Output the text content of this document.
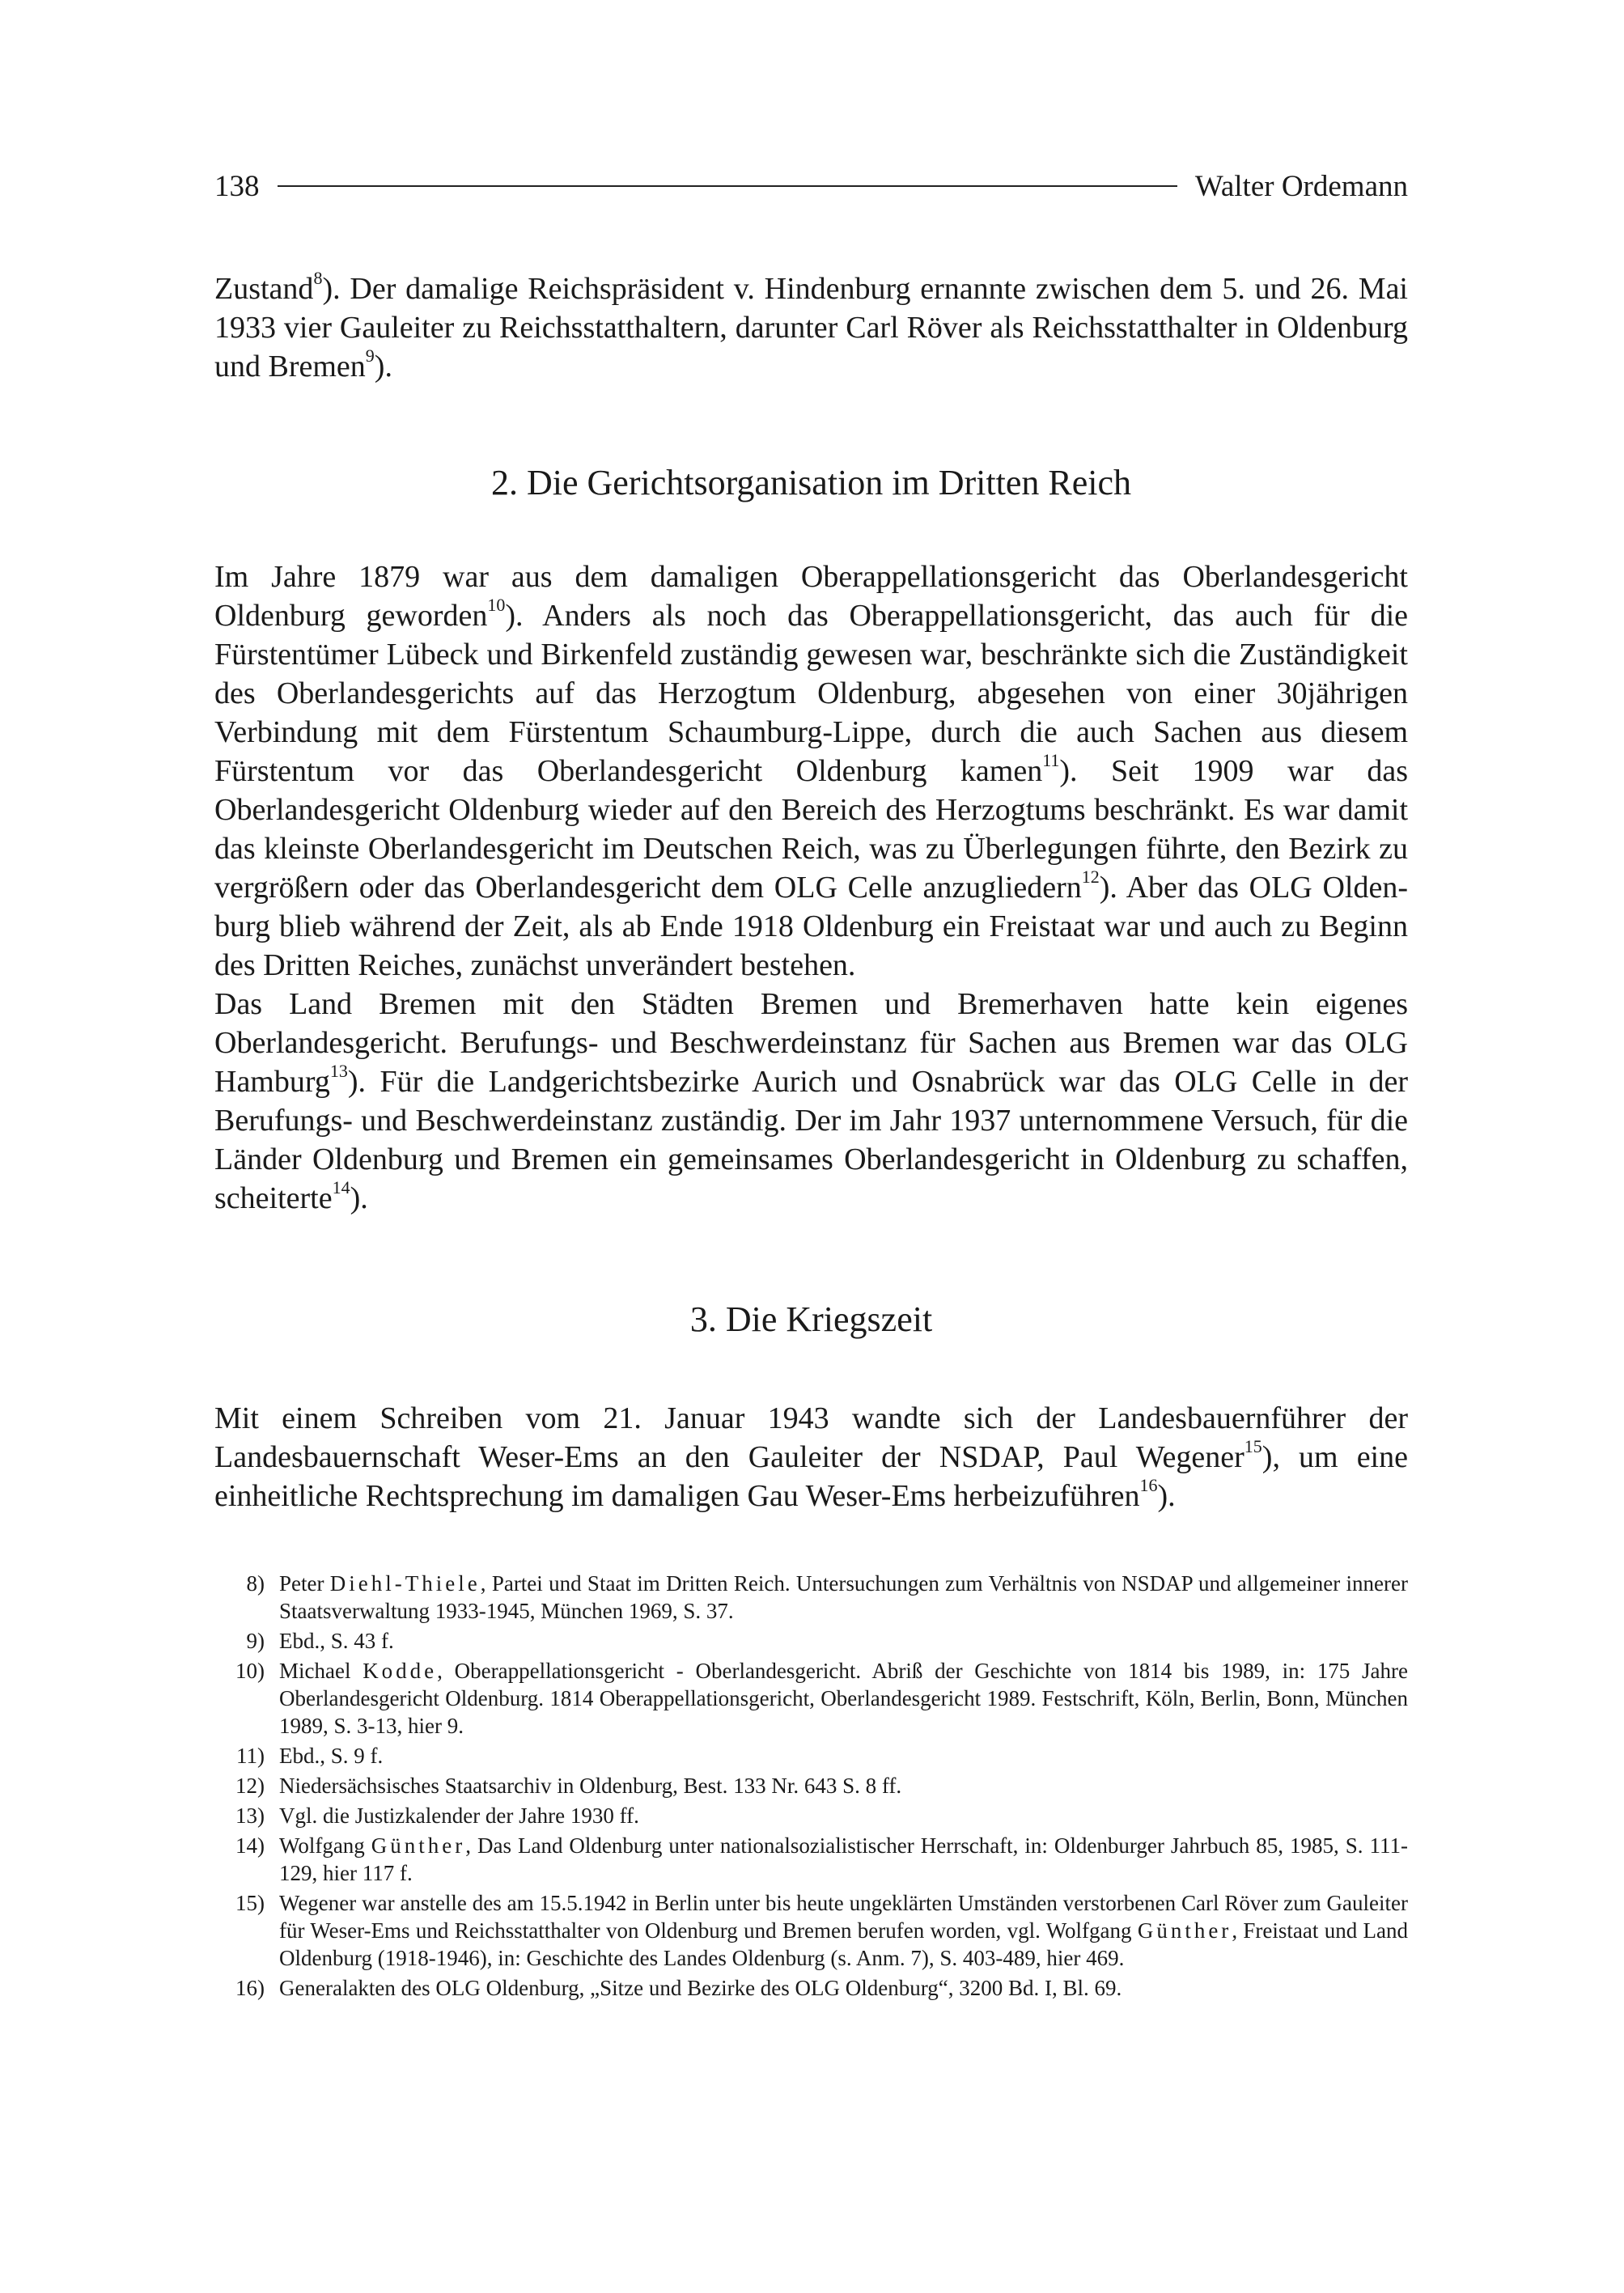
138	Walter Ordemann

Zustand$^8$). Der damalige Reichspräsident v. Hindenburg ernannte zwischen dem 5. und 26. Mai 1933 vier Gauleiter zu Reichsstatthaltern, darunter Carl Röver als Reichsstatthalter in Oldenburg und Bremen$^9$).

2. Die Gerichtsorganisation im Dritten Reich

Im Jahre 1879 war aus dem damaligen Oberappellationsgericht das Oberlandesgericht Oldenburg geworden$^{10}$). Anders als noch das Oberappellationsgericht, das auch für die Fürstentümer Lübeck und Birkenfeld zuständig gewesen war, beschränkte sich die Zuständigkeit des Oberlandesgerichts auf das Herzogtum Oldenburg, abgesehen von einer 30jährigen Verbindung mit dem Fürstentum Schaumburg-Lippe, durch die auch Sachen aus diesem Fürstentum vor das Oberlandesgericht Oldenburg kamen$^{11}$). Seit 1909 war das Oberlandesgericht Oldenburg wieder auf den Bereich des Herzogtums beschränkt. Es war damit das kleinste Oberlandesgericht im Deutschen Reich, was zu Überlegungen führte, den Bezirk zu vergrößern oder das Oberlandesgericht dem OLG Celle anzugliedern$^{12}$). Aber das OLG Oldenburg blieb während der Zeit, als ab Ende 1918 Oldenburg ein Freistaat war und auch zu Beginn des Dritten Reiches, zunächst unverändert bestehen.

Das Land Bremen mit den Städten Bremen und Bremerhaven hatte kein eigenes Oberlandesgericht. Berufungs- und Beschwerdeinstanz für Sachen aus Bremen war das OLG Hamburg$^{13}$). Für die Landgerichtsbezirke Aurich und Osnabrück war das OLG Celle in der Berufungs- und Beschwerdeinstanz zuständig. Der im Jahr 1937 unternommene Versuch, für die Länder Oldenburg und Bremen ein gemeinsames Oberlandesgericht in Oldenburg zu schaffen, scheiterte$^{14}$).

3. Die Kriegszeit

Mit einem Schreiben vom 21. Januar 1943 wandte sich der Landesbauernführer der Landesbauernschaft Weser-Ems an den Gauleiter der NSDAP, Paul Wegener$^{15}$), um eine einheitliche Rechtsprechung im damaligen Gau Weser-Ems herbeizuführen$^{16}$).

8) Peter Diehl-Thiele, Partei und Staat im Dritten Reich. Untersuchungen zum Verhältnis von NSDAP und allgemeiner innerer Staatsverwaltung 1933-1945, München 1969, S. 37.
9) Ebd., S. 43 f.
10) Michael Kodde, Oberappellationsgericht - Oberlandesgericht. Abriß der Geschichte von 1814 bis 1989, in: 175 Jahre Oberlandesgericht Oldenburg. 1814 Oberappellationsgericht, Oberlandesgericht 1989. Festschrift, Köln, Berlin, Bonn, München 1989, S. 3-13, hier 9.
11) Ebd., S. 9 f.
12) Niedersächsisches Staatsarchiv in Oldenburg, Best. 133 Nr. 643 S. 8 ff.
13) Vgl. die Justizkalender der Jahre 1930 ff.
14) Wolfgang Günther, Das Land Oldenburg unter nationalsozialistischer Herrschaft, in: Oldenburger Jahrbuch 85, 1985, S. 111-129, hier 117 f.
15) Wegener war anstelle des am 15.5.1942 in Berlin unter bis heute ungeklärten Umständen verstorbenen Carl Röver zum Gauleiter für Weser-Ems und Reichsstatthalter von Oldenburg und Bremen berufen worden, vgl. Wolfgang Günther, Freistaat und Land Oldenburg (1918-1946), in: Geschichte des Landes Oldenburg (s. Anm. 7), S. 403-489, hier 469.
16) Generalakten des OLG Oldenburg, „Sitze und Bezirke des OLG Oldenburg“, 3200 Bd. I, Bl. 69.
